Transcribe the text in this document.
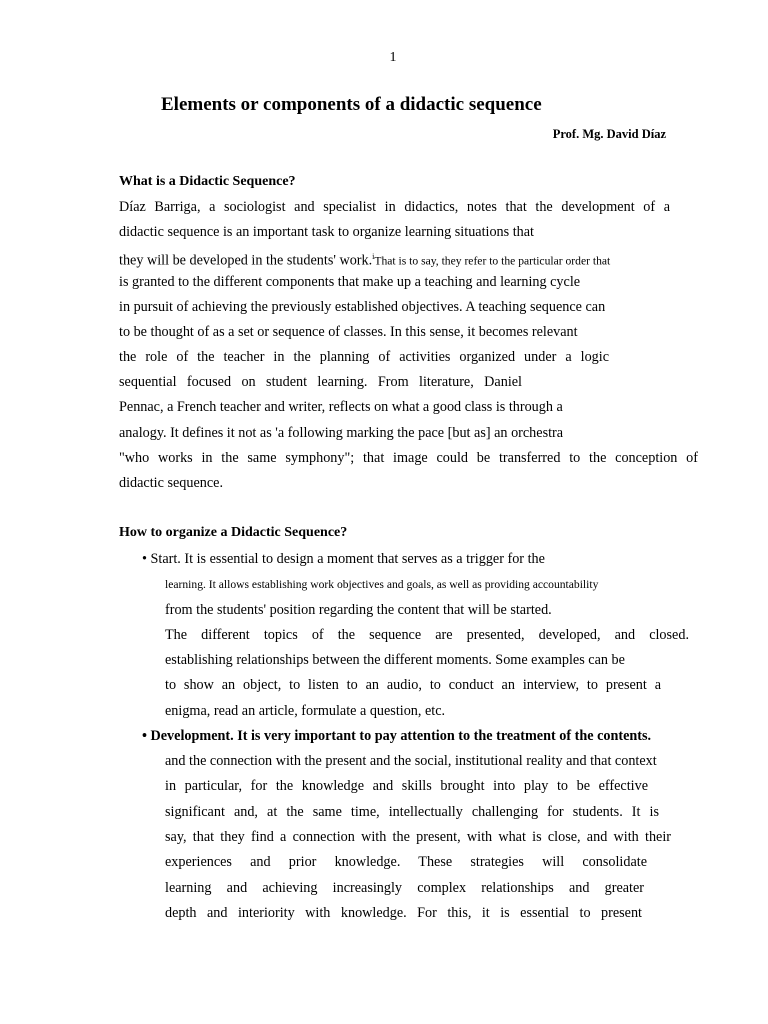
1
Elements or components of a didactic sequence
Prof. Mg. David Díaz
What is a Didactic Sequence?
Díaz Barriga, a sociologist and specialist in didactics, notes that the development of a
didactic sequence is an important task to organize learning situations that
they will be developed in the students' work.$^i$That is to say, they refer to the particular order that
is granted to the different components that make up a teaching and learning cycle
in pursuit of achieving the previously established objectives. A teaching sequence can
to be thought of as a set or sequence of classes. In this sense, it becomes relevant
the role of the teacher in the planning of activities organized under a logic
sequential focused on student learning. From literature, Daniel
Pennac, a French teacher and writer, reflects on what a good class is through a
analogy. It defines it not as 'a following marking the pace [but as] an orchestra
"who works in the same symphony"; that image could be transferred to the conception of
didactic sequence.
How to organize a Didactic Sequence?
• Start. It is essential to design a moment that serves as a trigger for the
learning. It allows establishing work objectives and goals, as well as providing accountability
from the students' position regarding the content that will be started.
The different topics of the sequence are presented, developed, and closed.
establishing relationships between the different moments. Some examples can be
to show an object, to listen to an audio, to conduct an interview, to present a
enigma, read an article, formulate a question, etc.
• Development. It is very important to pay attention to the treatment of the contents.
and the connection with the present and the social, institutional reality and that context
in particular, for the knowledge and skills brought into play to be effective
significant and, at the same time, intellectually challenging for students. It is
say, that they find a connection with the present, with what is close, and with their
experiences and prior knowledge. These strategies will consolidate
learning and achieving increasingly complex relationships and greater
depth and interiority with knowledge. For this, it is essential to present
